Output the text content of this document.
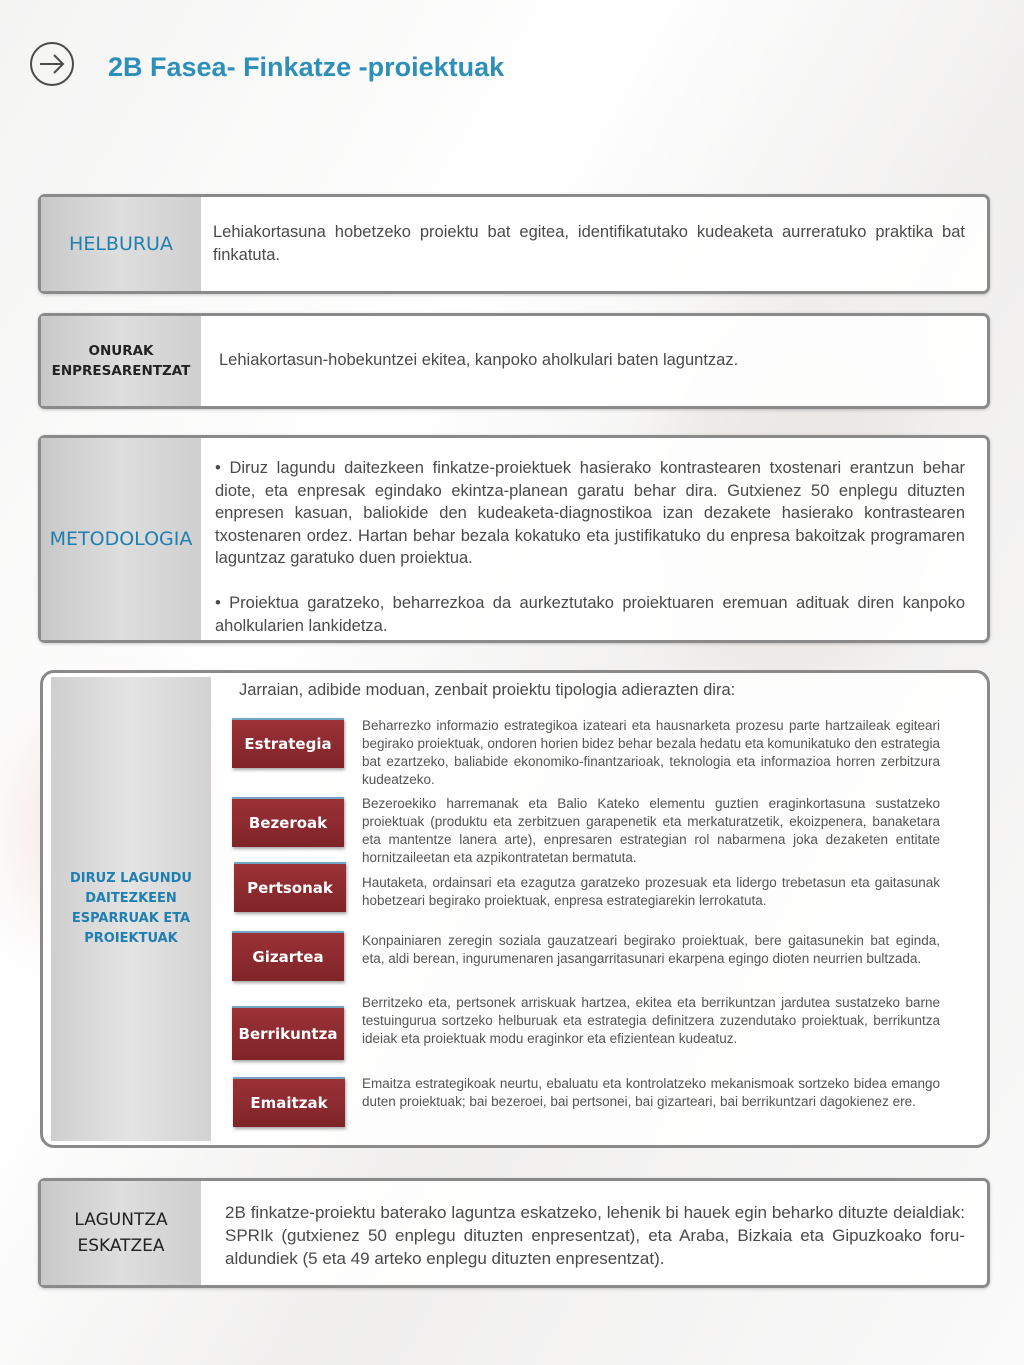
2B Fasea- Finkatze -proiektuak
HELBURUA
Lehiakortasuna hobetzeko proiektu bat egitea, identifikatutako kudeaketa aurreratuko praktika bat finkatuta.
ONURAK
ENPRESARENTZAT
Lehiakortasun-hobekuntzei ekitea, kanpoko aholkulari baten laguntzaz.
METODOLOGIA
• Diruz lagundu daitezkeen finkatze-proiektuek hasierako kontrastearen txostenari erantzun behar diote, eta enpresak egindako ekintza-planean garatu behar dira. Gutxienez 50 enplegu dituzten enpresen kasuan, baliokide den kudeaketa-diagnostikoa izan dezakete hasierako kontrastearen txostenaren ordez. Hartan behar bezala kokatuko eta justifikatuko du enpresa bakoitzak programaren laguntzaz garatuko duen proiektua.
• Proiektua garatzeko, beharrezkoa da aurkeztutako proiektuaren eremuan adituak diren kanpoko aholkularien lankidetza.
DIRUZ LAGUNDU
DAITEZKEEN
ESPARRUAK ETA
PROIEKTUAK
Jarraian, adibide moduan, zenbait proiektu tipologia adierazten dira:
Estrategia
Beharrezko informazio estrategikoa izateari eta hausnarketa prozesu parte hartzaileak egiteari begirako proiektuak, ondoren horien bidez behar bezala hedatu eta komunikatuko den estrategia bat ezartzeko, baliabide ekonomiko-finantzarioak, teknologia eta informazioa horren zerbitzura kudeatzeko.
Bezeroak
Bezeroekiko harremanak eta Balio Kateko elementu guztien eraginkortasuna sustatzeko proiektuak (produktu eta zerbitzuen garapenetik eta merkaturatzetik, ekoizpenera, banaketara eta mantentze lanera arte), enpresaren estrategian rol nabarmena joka dezaketen entitate hornitzaileetan eta azpikontratetan bermatuta.
Pertsonak	Hautaketa, ordainsari eta ezagutza garatzeko prozesuak eta lidergo trebetasun eta gaitasunak hobetzeari begirako proiektuak, enpresa estrategiarekin lerrokatuta.
Gizartea
Konpainiaren zeregin soziala gauzatzeari begirako proiektuak, bere gaitasunekin bat eginda, eta, aldi berean, ingurumenaren jasangarritasunari ekarpena egingo dioten neurrien bultzada.
Berrikuntza
Berritzeko eta, pertsonek arriskuak hartzea, ekitea eta berrikuntzan jardutea sustatzeko barne testuingurua sortzeko helburuak eta estrategia definitzera zuzendutako proiektuak, berrikuntza ideiak eta proiektuak modu eraginkor eta efizientean kudeatuz.
Emaitzak
Emaitza estrategikoak neurtu, ebaluatu eta kontrolatzeko mekanismoak sortzeko bidea emango duten proiektuak; bai bezeroei, bai pertsonei, bai gizarteari, bai berrikuntzari dagokienez ere.
LAGUNTZA
ESKATZEA
2B finkatze-proiektu baterako laguntza eskatzeko, lehenik bi hauek egin beharko dituzte deialdiak: SPRIk (gutxienez 50 enplegu dituzten enpresentzat), eta Araba, Bizkaia eta Gipuzkoako foru-aldundiek (5 eta 49 arteko enplegu dituzten enpresentzat).
